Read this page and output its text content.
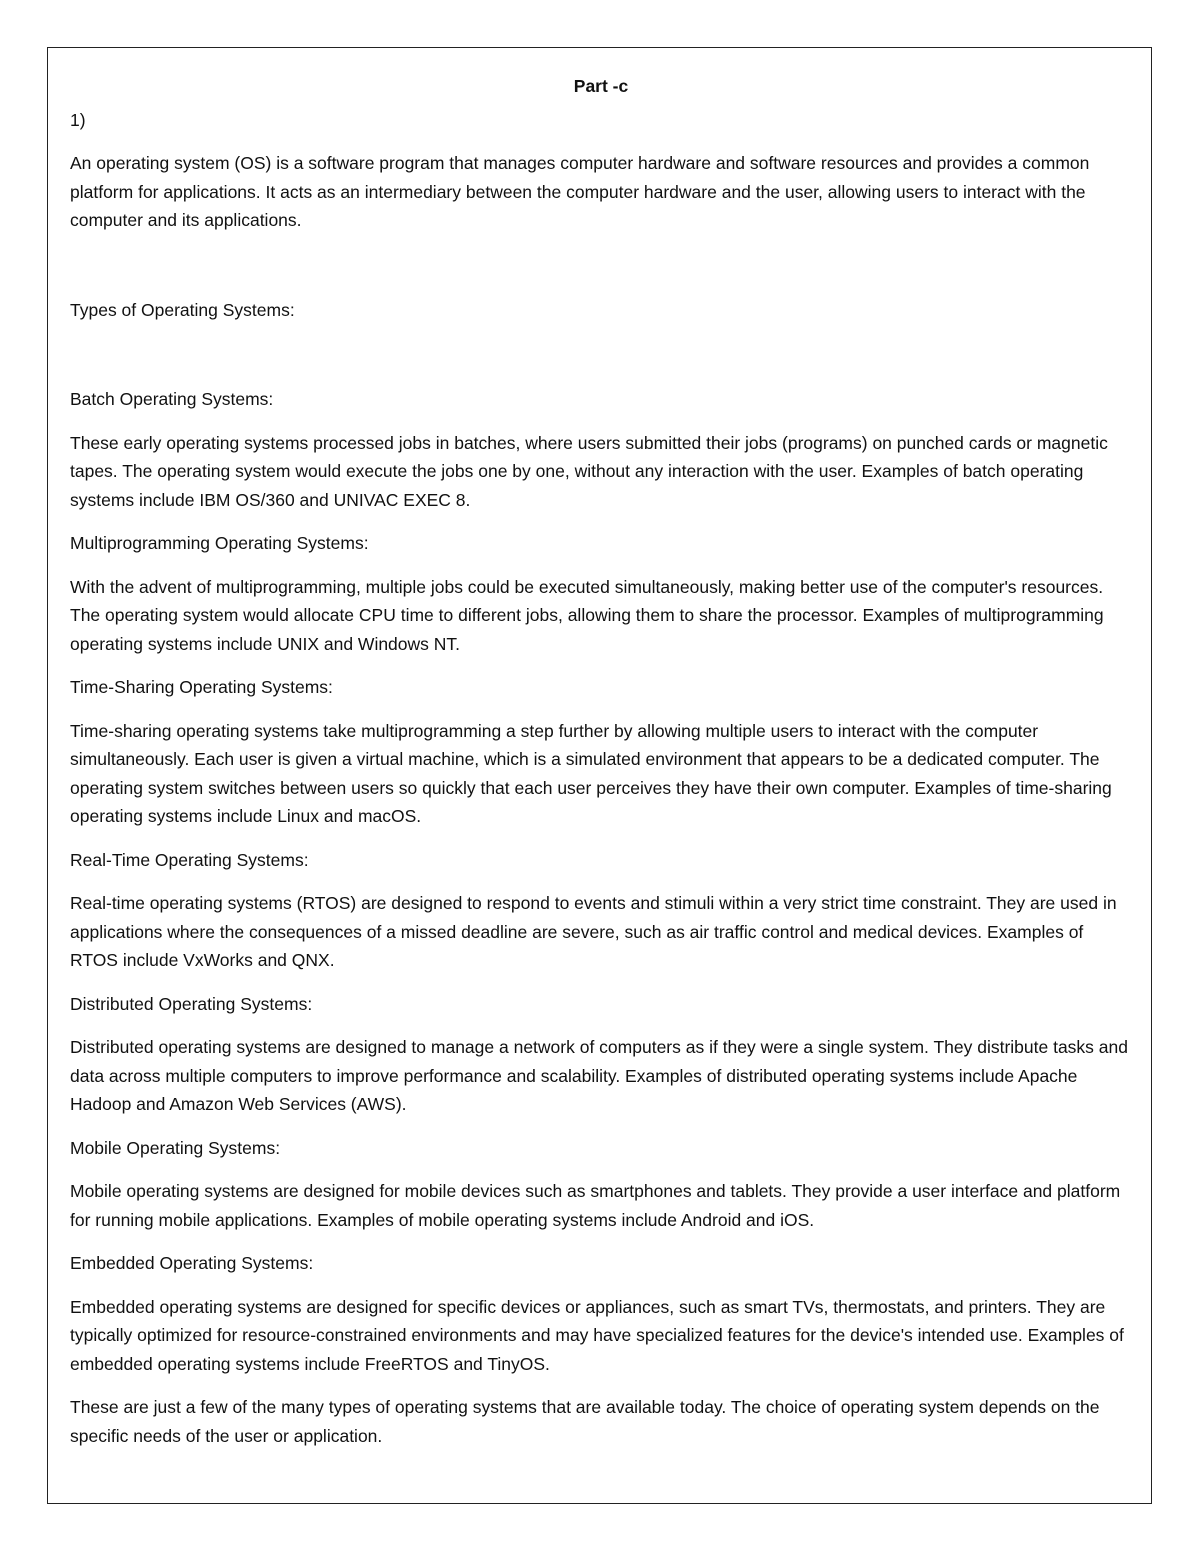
Part -c
1)

An operating system (OS) is a software program that manages computer hardware and software resources and provides a common platform for applications. It acts as an intermediary between the computer hardware and the user, allowing users to interact with the computer and its applications.

Types of Operating Systems:
Batch Operating Systems:

These early operating systems processed jobs in batches, where users submitted their jobs (programs) on punched cards or magnetic tapes. The operating system would execute the jobs one by one, without any interaction with the user. Examples of batch operating systems include IBM OS/360 and UNIVAC EXEC 8.

Multiprogramming Operating Systems:

With the advent of multiprogramming, multiple jobs could be executed simultaneously, making better use of the computer's resources. The operating system would allocate CPU time to different jobs, allowing them to share the processor. Examples of multiprogramming operating systems include UNIX and Windows NT.

Time-Sharing Operating Systems:

Time-sharing operating systems take multiprogramming a step further by allowing multiple users to interact with the computer simultaneously. Each user is given a virtual machine, which is a simulated environment that appears to be a dedicated computer. The operating system switches between users so quickly that each user perceives they have their own computer. Examples of time-sharing operating systems include Linux and macOS.

Real-Time Operating Systems:

Real-time operating systems (RTOS) are designed to respond to events and stimuli within a very strict time constraint. They are used in applications where the consequences of a missed deadline are severe, such as air traffic control and medical devices. Examples of RTOS include VxWorks and QNX.

Distributed Operating Systems:

Distributed operating systems are designed to manage a network of computers as if they were a single system. They distribute tasks and data across multiple computers to improve performance and scalability. Examples of distributed operating systems include Apache Hadoop and Amazon Web Services (AWS).

Mobile Operating Systems:

Mobile operating systems are designed for mobile devices such as smartphones and tablets. They provide a user interface and platform for running mobile applications. Examples of mobile operating systems include Android and iOS.

Embedded Operating Systems:

Embedded operating systems are designed for specific devices or appliances, such as smart TVs, thermostats, and printers. They are typically optimized for resource-constrained environments and may have specialized features for the device's intended use. Examples of embedded operating systems include FreeRTOS and TinyOS.

These are just a few of the many types of operating systems that are available today. The choice of operating system depends on the specific needs of the user or application.
